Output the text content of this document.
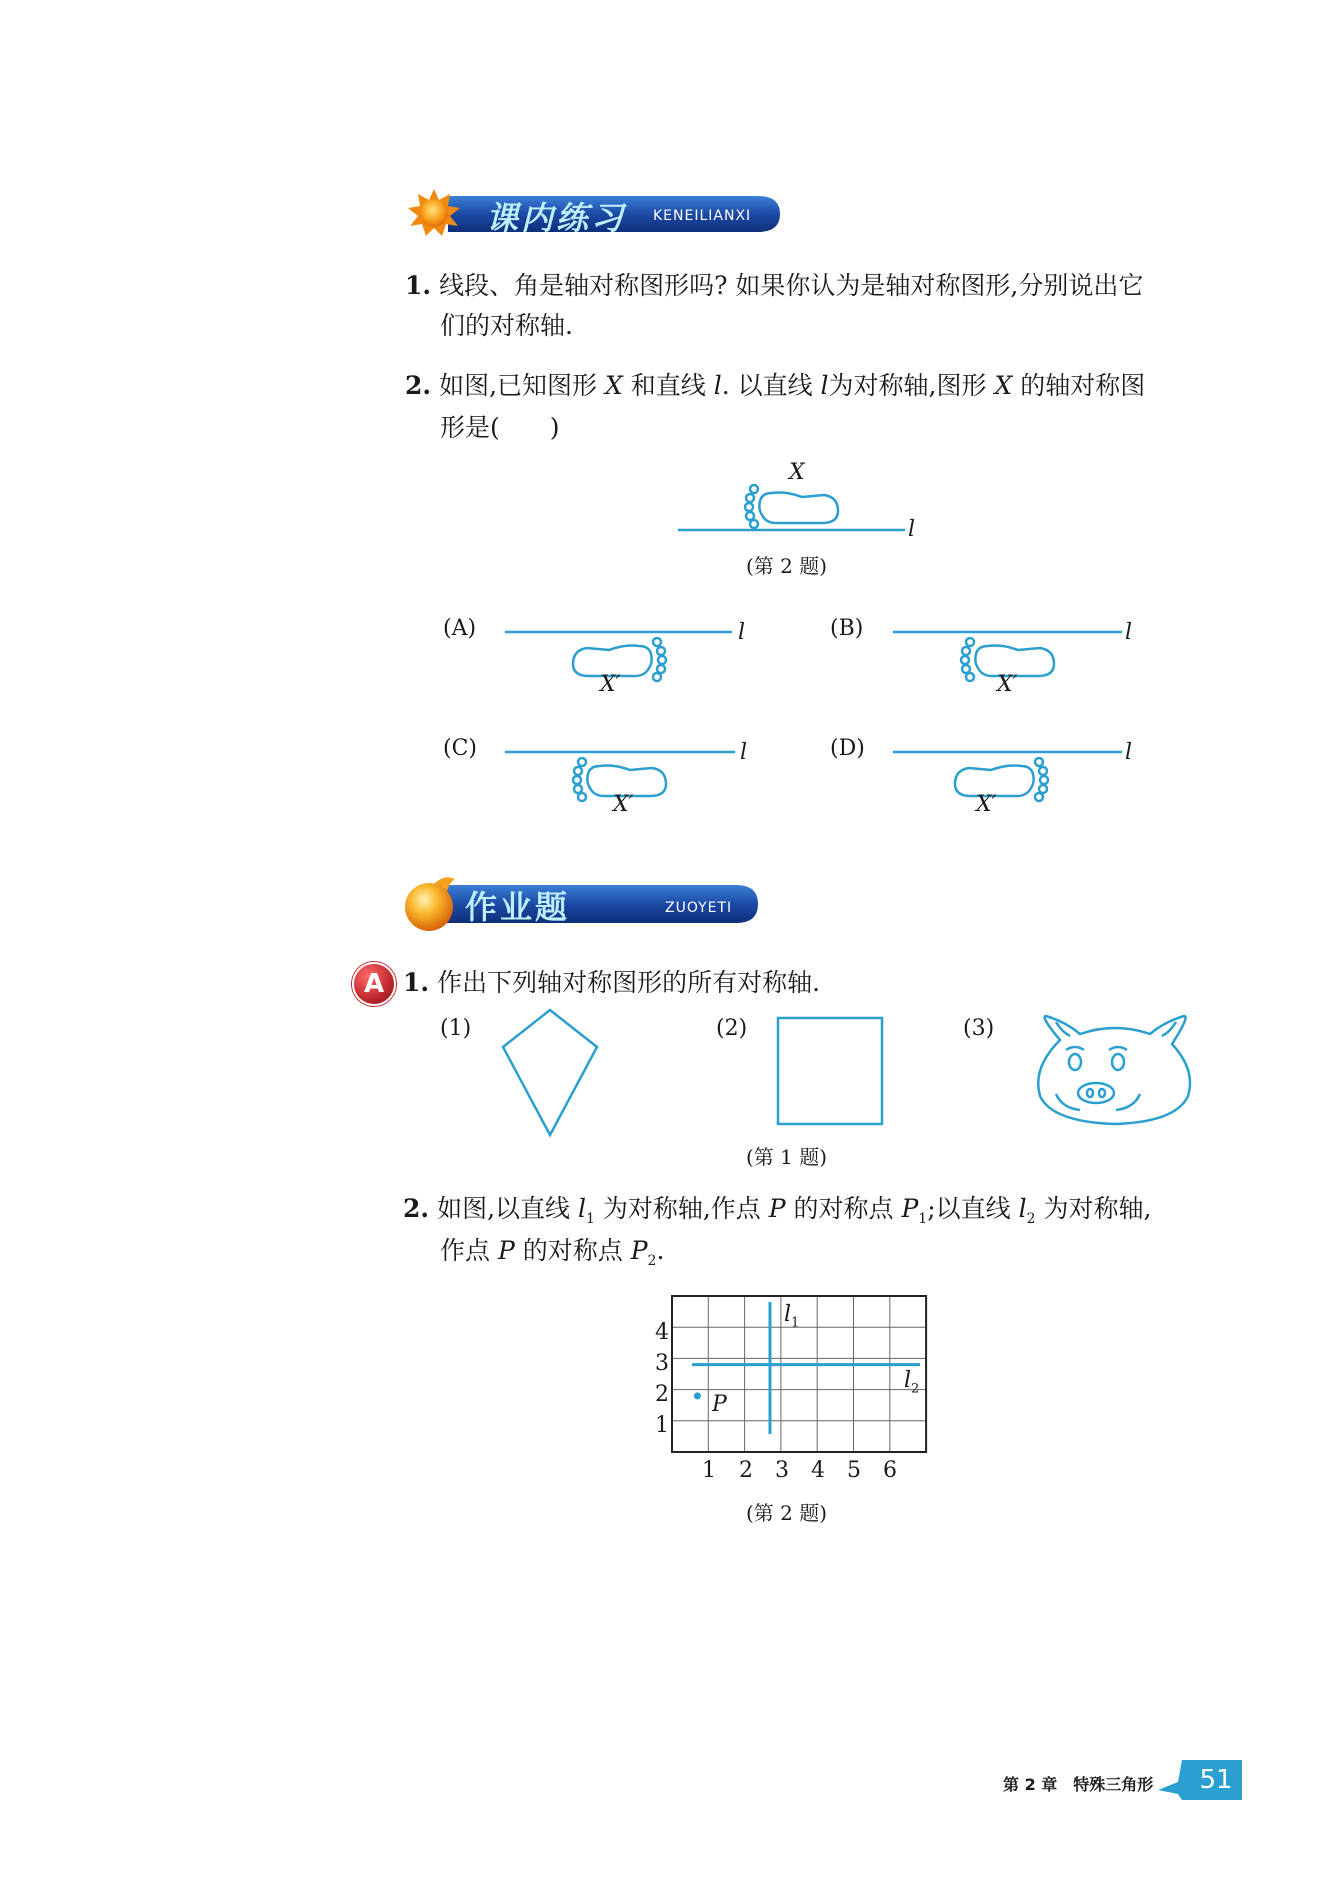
课内练习 KENEILIANXI
1. 线段、角是轴对称图形吗? 如果你认为是轴对称图形,分别说出它
们的对称轴.
2. 如图,已知图形 X 和直线 l. 以直线 l为对称轴,图形 X 的轴对称图
形是(　　)
X
l
(第 2 题)
(A)	l
X′
(B)	l
X′
(C)	l
X′
(D)	l
X′
作业题	ZUOYETI
A 1. 作出下列轴对称图形的所有对称轴.
(1)	(2)	(3)
(第 1 题)
2. 如图,以直线 $l_1$ 为对称轴,作点 P 的对称点 $P_1$;以直线 $l_2$ 为对称轴,
作点 P 的对称点 $P_2$.
4
3
2
1
1 2 3 4 5 6
$l_1$
$l_2$
P
(第 2 题)
第 2 章　特殊三角形	51
